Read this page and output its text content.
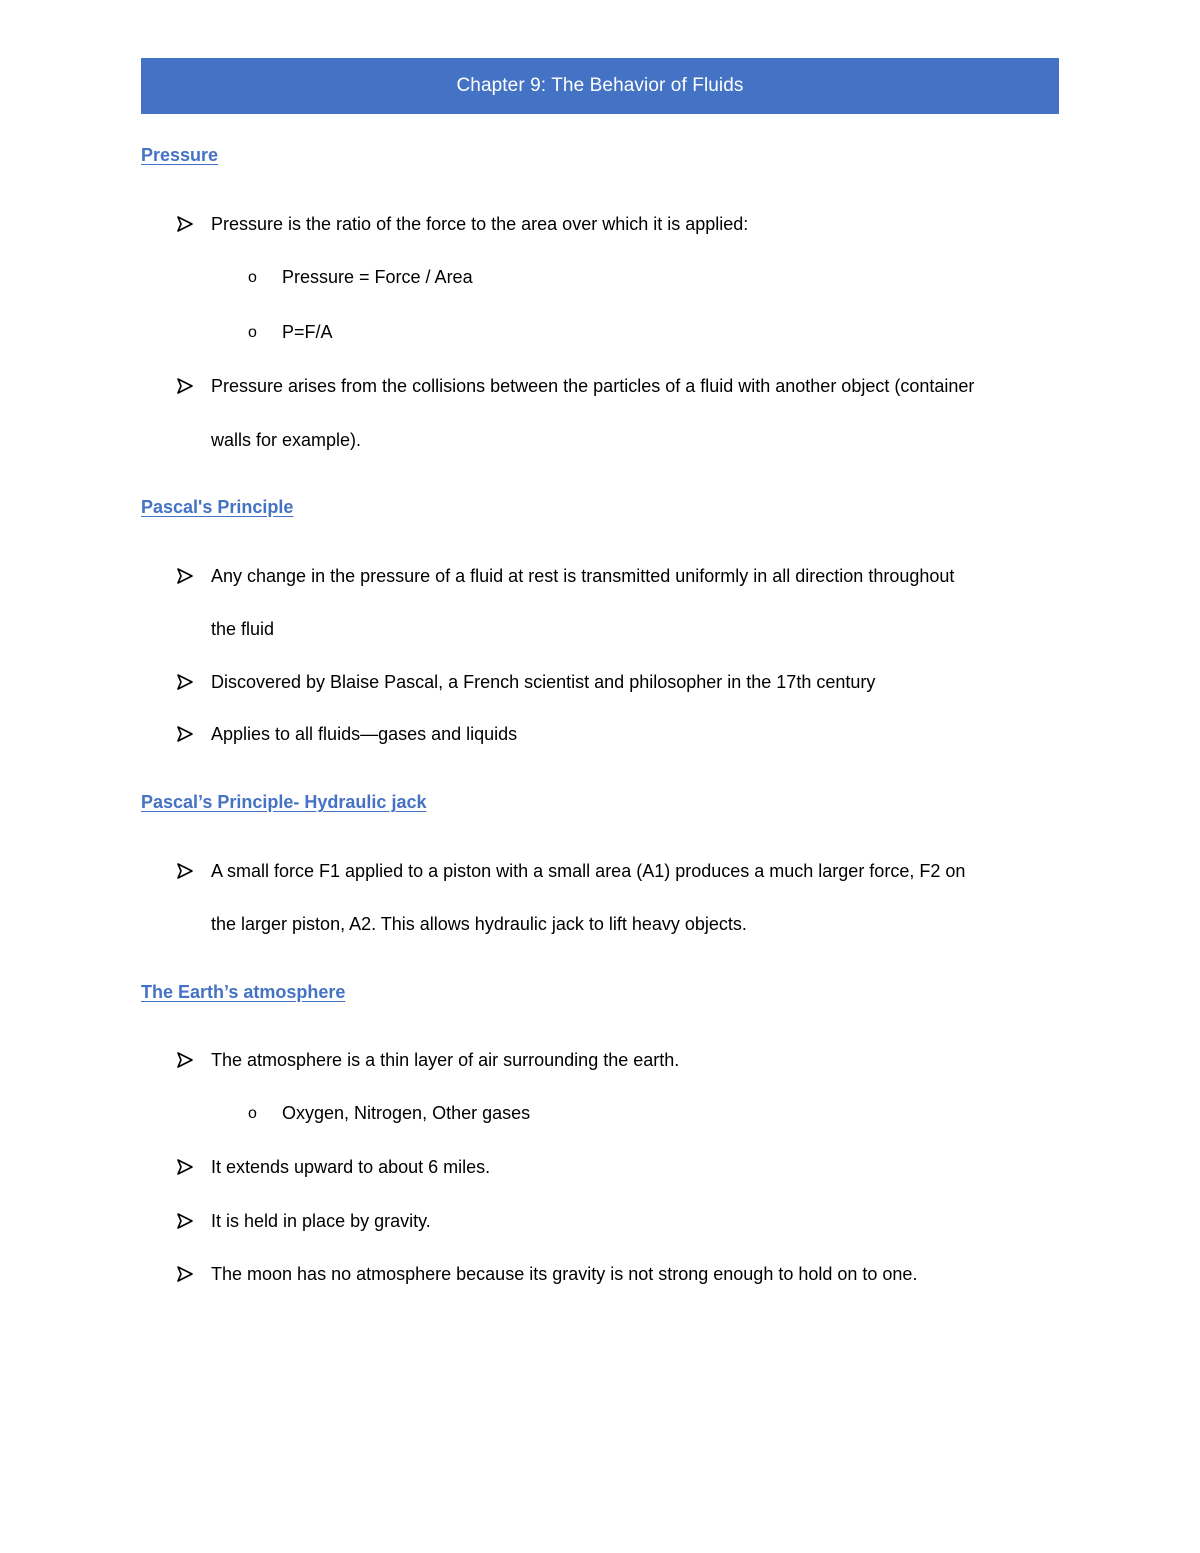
Chapter 9: The Behavior of Fluids
Pressure
Pressure is the ratio of the force to the area over which it is applied:
o Pressure = Force / Area
o P=F/A
Pressure arises from the collisions between the particles of a fluid with another object (container
walls for example).
Pascal's Principle
Any change in the pressure of a fluid at rest is transmitted uniformly in all direction throughout
the fluid
Discovered by Blaise Pascal, a French scientist and philosopher in the 17th century
Applies to all fluids—gases and liquids
Pascal’s Principle- Hydraulic jack
A small force F1 applied to a piston with a small area (A1) produces a much larger force, F2 on
the larger piston, A2. This allows hydraulic jack to lift heavy objects.
The Earth’s atmosphere
The atmosphere is a thin layer of air surrounding the earth.
o Oxygen, Nitrogen, Other gases
It extends upward to about 6 miles.
It is held in place by gravity.
The moon has no atmosphere because its gravity is not strong enough to hold on to one.
